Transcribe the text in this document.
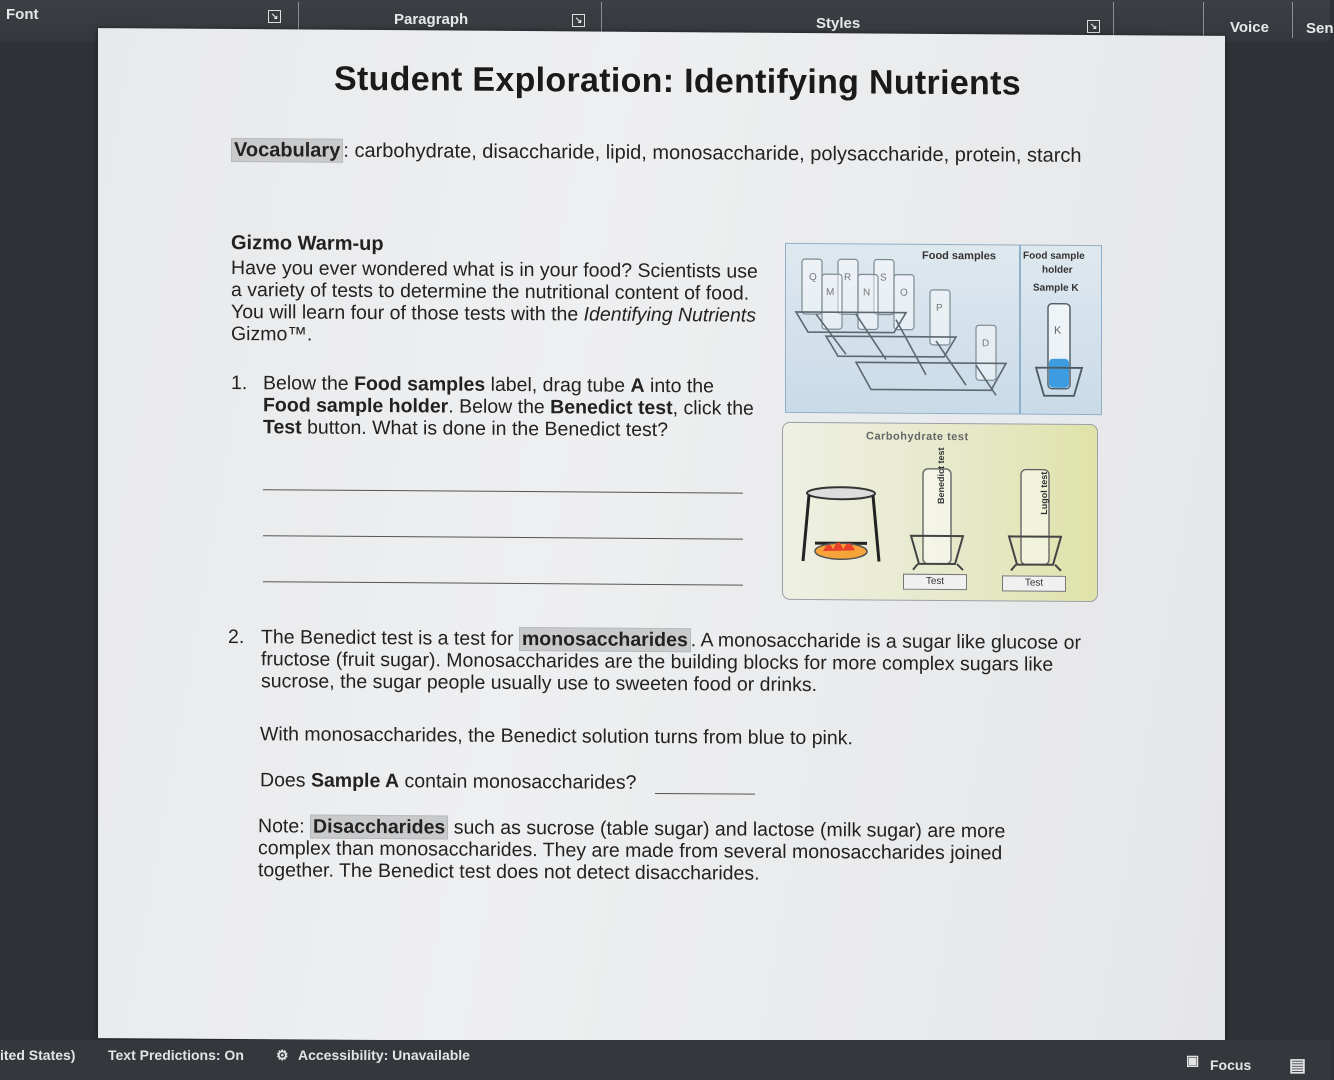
Font	↘	Paragraph	↘	Styles	↘	Voice Sen
Student Exploration: Identifying Nutrients
Vocabulary : carbohydrate, disaccharide, lipid, monosaccharide, polysaccharide, protein, starch
Gizmo Warm-up
Have you ever wondered what is in your food? Scientists use a variety of tests to determine the nutritional content of food. You will learn four of those tests with the Identifying Nutrients Gizmo™.
1. Below the Food samples label, drag tube A into the Food sample holder. Below the Benedict test, click the Test button. What is done in the Benedict test?
Food samples	Food sample
holder
Sample K
Q	R	S
M	N	O
P
D
K
Carbohydrate test
Benedict test	Lugol test
Test	Test
2. The Benedict test is a test for monosaccharides . A monosaccharide is a sugar like glucose or fructose (fruit sugar). Monosaccharides are the building blocks for more complex sugars like sucrose, the sugar people usually use to sweeten food or drinks.
With monosaccharides, the Benedict solution turns from blue to pink.
Does Sample A contain monosaccharides?
Note: Disaccharides such as sucrose (table sugar) and lactose (milk sugar) are more complex than monosaccharides. They are made from several monosaccharides joined together. The Benedict test does not detect disaccharides.
ited States) Text Predictions: On ⚙ Accessibility: Unavailable	▣ Focus ▤
